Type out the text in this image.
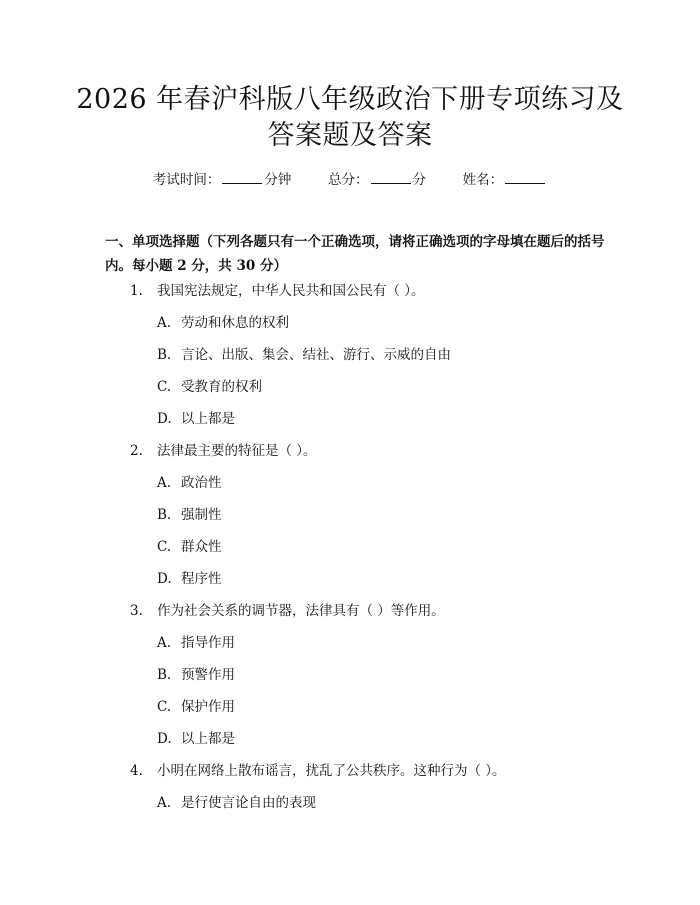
2026 年春沪科版八年级政治下册专项练习及
答案题及答案
考试时间：	分钟	总分：	分	姓名：
一、单项选择题（下列各题只有一个正确选项，请将正确选项的字母填在题后的括号内。每小题 2 分，共 30 分）
1. 我国宪法规定，中华人民共和国公民有（ ）。
A. 劳动和休息的权利
B. 言论、出版、集会、结社、游行、示威的自由
C. 受教育的权利
D. 以上都是
2. 法律最主要的特征是（ ）。
A. 政治性
B. 强制性
C. 群众性
D. 程序性
3. 作为社会关系的调节器，法律具有（ ）等作用。
A. 指导作用
B. 预警作用
C. 保护作用
D. 以上都是
4. 小明在网络上散布谣言，扰乱了公共秩序。这种行为（ ）。
A. 是行使言论自由的表现
